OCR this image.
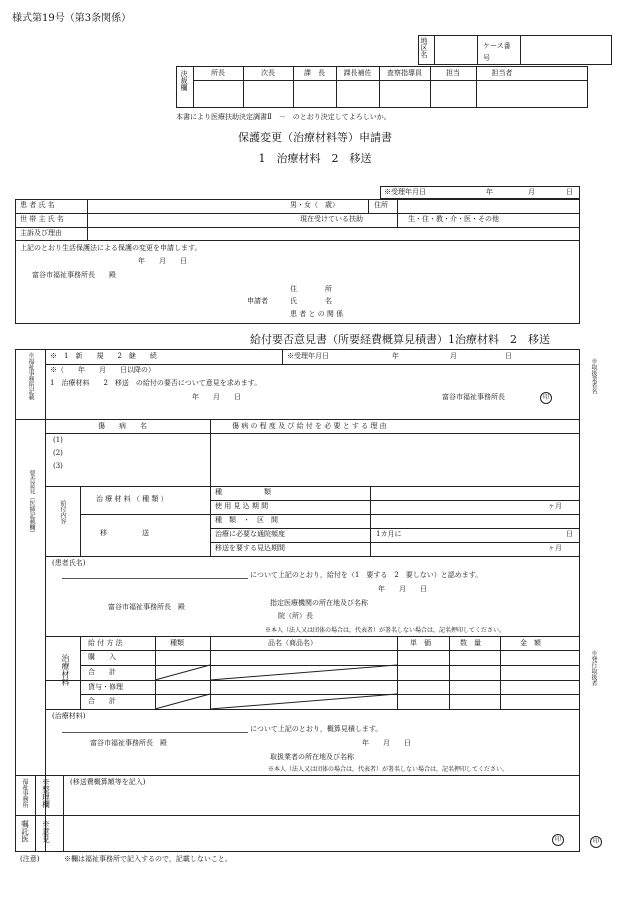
様式第19号（第3条関係）
地区名	ケース番号
決裁欄	所長	次長	課　長	課長補佐	査察指導員	担当	担当者
本書により医療扶助決定調書Ⅱ　－　のとおり決定してよろしいか。
保護変更（治療材料等）申請書
1　治療材料　2　移送
※受理年月日	年	月	日
患 者 氏 名	男・女（　歳）	住所
世 帯 主 氏 名	現在受けている扶助	生・住・教・介・医・その他
主訴及び理由
上記のとおり生活保護法による保護の変更を申請します。
年　　月　　日
富谷市福祉事務所長　　殿
住　　　　所
申請者	氏　　　　名
患 者 と の 関 係
給付要否意見書（所要経費概算見積書）1治療材料　2　移送
※福祉事務所記載 ※　1　新　　規　　2　継　　続	※受理年月日	年	月	日
※（　　年　　月　　日以降の）
1　治療材料　　2　移送　の給付の要否について意見を求めます。
年　　月　　日	富谷市福祉事務所長	印
※取扱業者名
※発行取扱者
要否意見（医師記載欄）
傷　　病　　名	傷 病 の 程 度 及 び 給 付 を 必 要 と す る 理 由
(1)
(2)
(3)
給付内容
治 療 材 料 （ 種 類 ）
種　　　　　　類
使 用 見 込 期 間	ヶ月
移　　　　　送
種　類　・　区　間
治療に必要な通院頻度	1カ月に	日
移送を要する見込期間	ヶ月
(患者氏名)
について上記のとおり，給付を（1　要する　2　要しない）と認めます。
年　　月　　日
富谷市福祉事務所長　殿	指定医療機関の所在地及び名称
院（所）長
※本人（法人又は団体の場合は，代表者）が署名しない場合は，記名押印してください。
治療材料
給 付 方 法	種類	品名（商品名）	単　価	数　量	金　額
購　　入
合　　計
貸与・修理
合　　計
(治療材料)
について上記のとおり，概算見積します。
富谷市福祉事務所長　殿	年　　月　　日
取扱業者の所在地及び名称
※本人（法人又は団体の場合は，代表者）が署名しない場合は，記名押印してください。
福祉事務所 ※整理欄	(移送費概算額等を記入)
嘱託医 ※意見	印	印
(注意)	※欄は福祉事務所で記入するので，記載しないこと。
